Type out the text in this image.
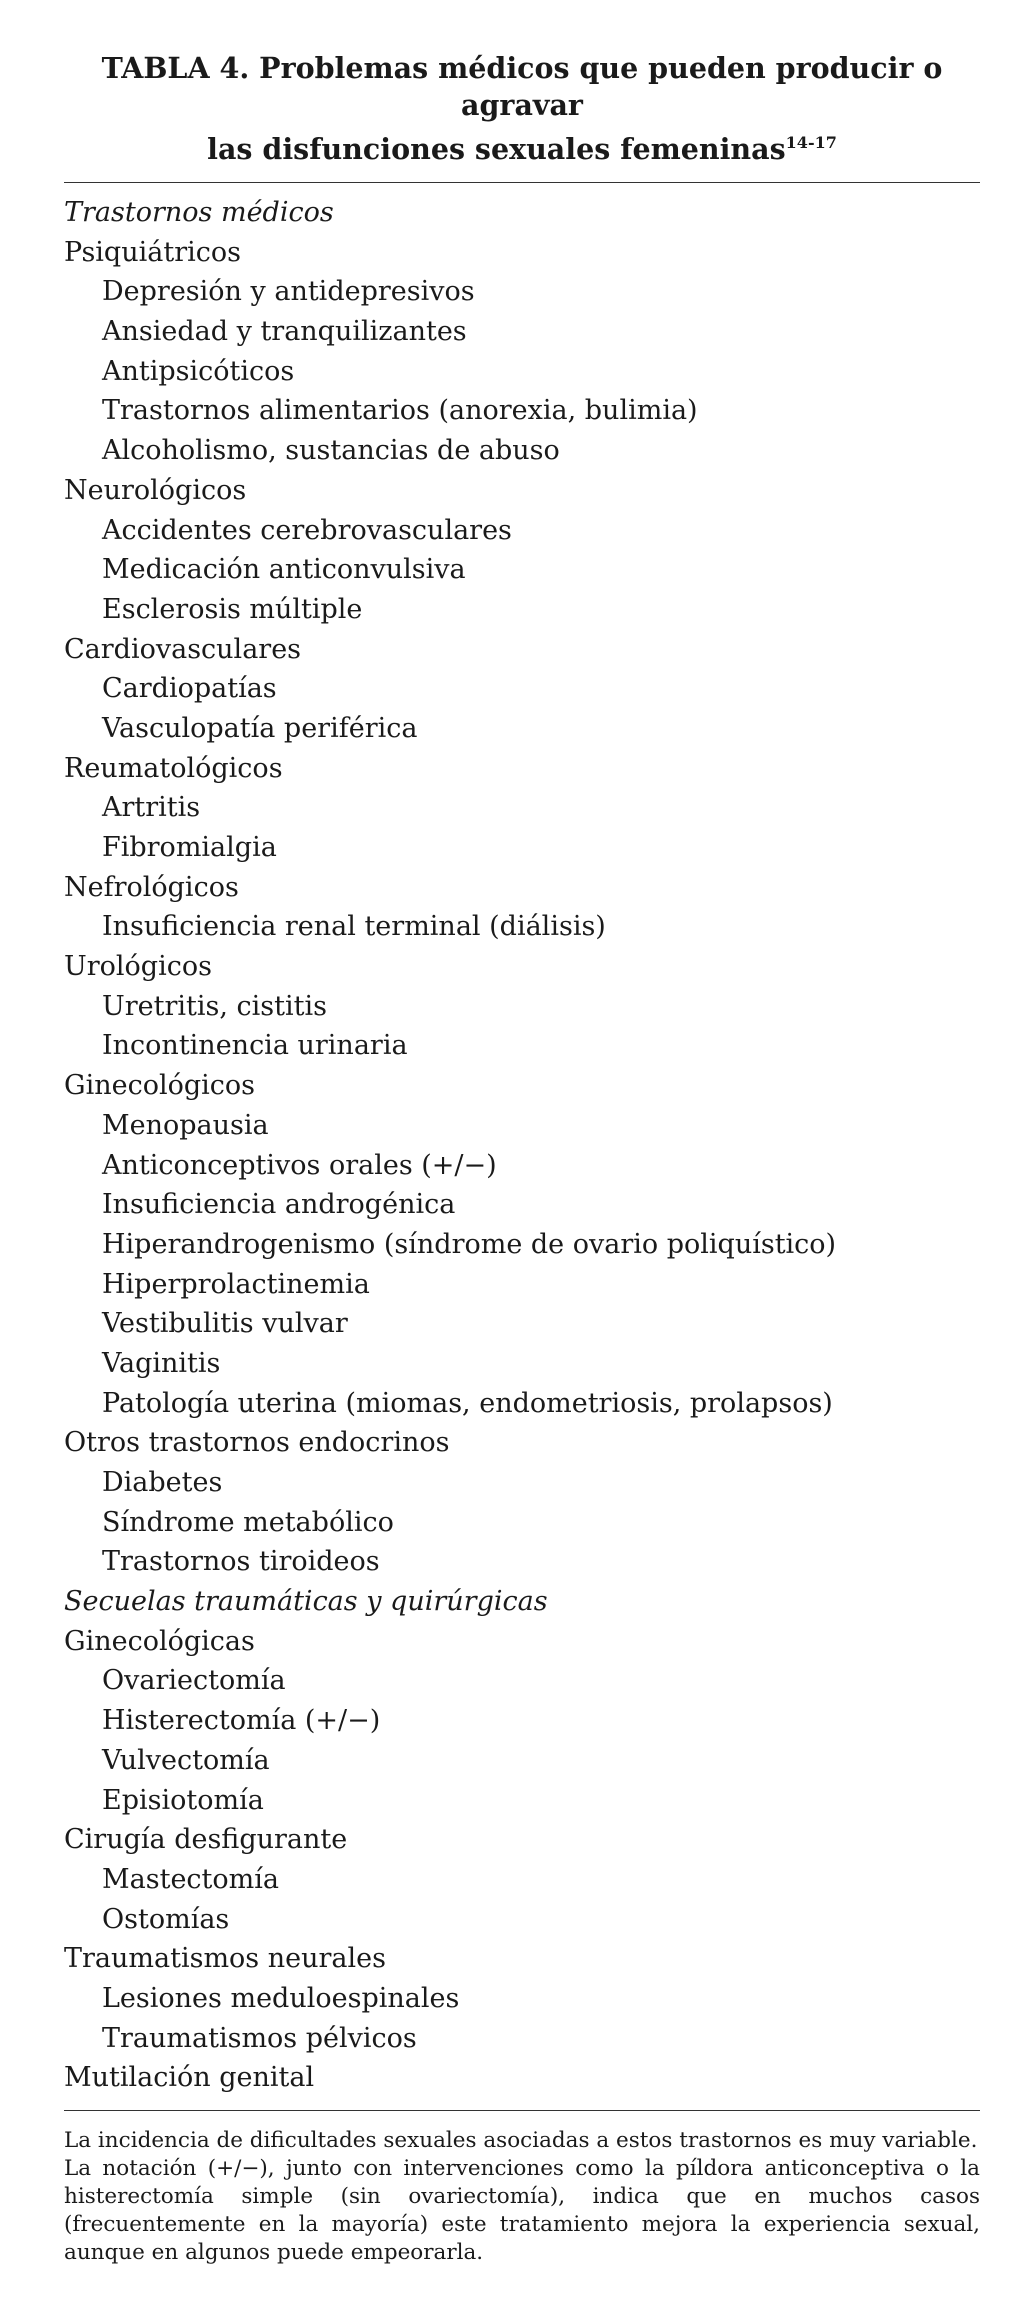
TABLA 4. Problemas médicos que pueden producir o agravar
las disfunciones sexuales femeninas$^{14-17}$
Trastornos médicos
Psiquiátricos
Depresión y antidepresivos
Ansiedad y tranquilizantes
Antipsicóticos
Trastornos alimentarios (anorexia, bulimia)
Alcoholismo, sustancias de abuso
Neurológicos
Accidentes cerebrovasculares
Medicación anticonvulsiva
Esclerosis múltiple
Cardiovasculares
Cardiopatías
Vasculopatía periférica
Reumatológicos
Artritis
Fibromialgia
Nefrológicos
Insuficiencia renal terminal (diálisis)
Urológicos
Uretritis, cistitis
Incontinencia urinaria
Ginecológicos
Menopausia
Anticonceptivos orales (+/−)
Insuficiencia androgénica
Hiperandrogenismo (síndrome de ovario poliquístico)
Hiperprolactinemia
Vestibulitis vulvar
Vaginitis
Patología uterina (miomas, endometriosis, prolapsos)
Otros trastornos endocrinos
Diabetes
Síndrome metabólico
Trastornos tiroideos
Secuelas traumáticas y quirúrgicas
Ginecológicas
Ovariectomía
Histerectomía (+/−)
Vulvectomía
Episiotomía
Cirugía desfigurante
Mastectomía
Ostomías
Traumatismos neurales
Lesiones meduloespinales
Traumatismos pélvicos
Mutilación genital

La incidencia de dificultades sexuales asociadas a estos trastornos es muy variable.

La notación (+/−), junto con intervenciones como la píldora anticonceptiva o la histerectomía simple (sin ovariectomía), indica que en muchos casos (frecuentemente en la mayoría) este tratamiento mejora la experiencia sexual, aunque en algunos puede empeorarla.
